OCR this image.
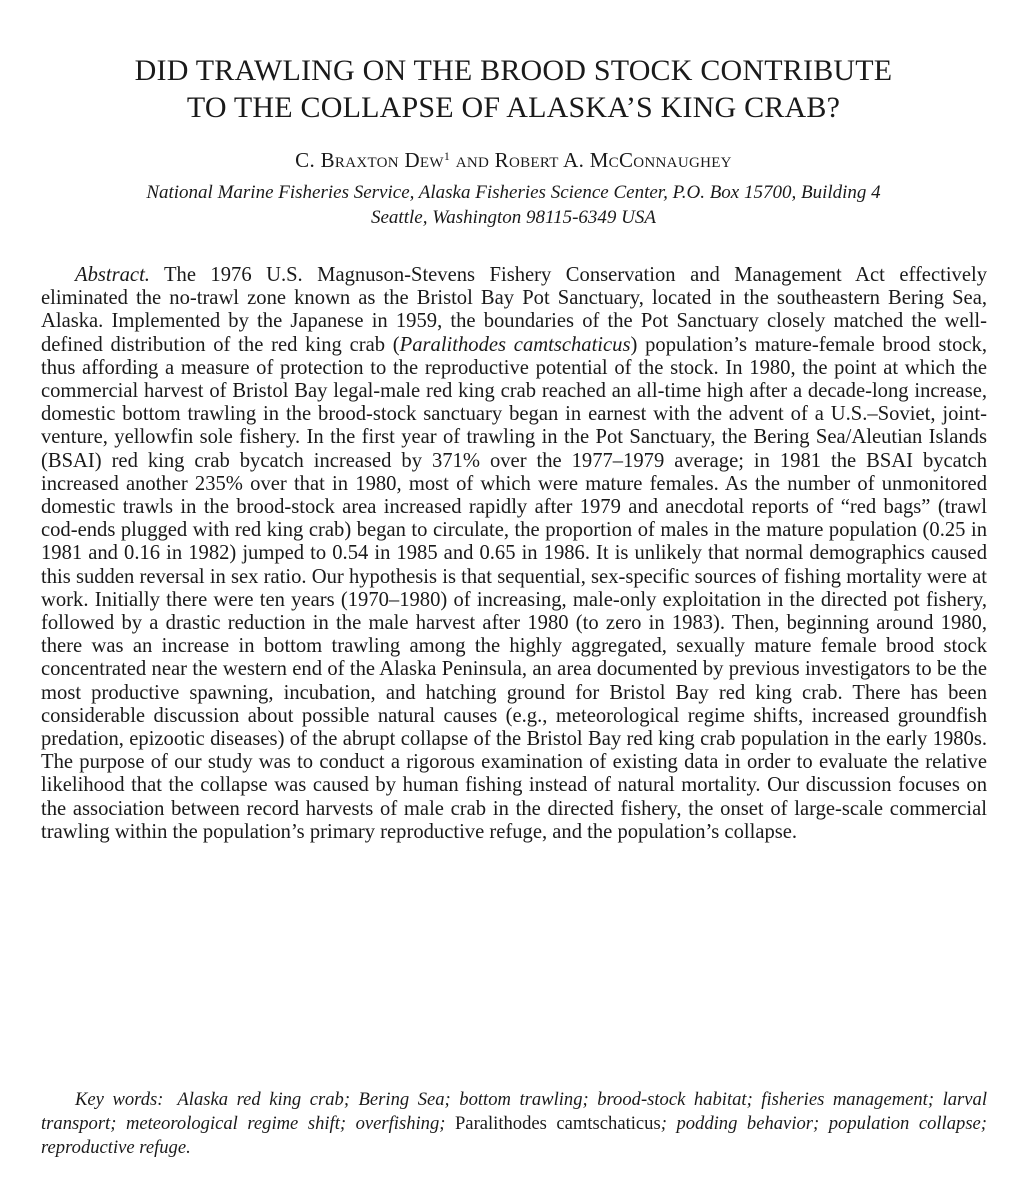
DID TRAWLING ON THE BROOD STOCK CONTRIBUTE
TO THE COLLAPSE OF ALASKA’S KING CRAB?
C. Braxton Dew$^1$ and Robert A. McConnaughey
National Marine Fisheries Service, Alaska Fisheries Science Center, P.O. Box 15700, Building 4
Seattle, Washington 98115-6349 USA

Abstract. The 1976 U.S. Magnuson-Stevens Fishery Conservation and Management Act effectively eliminated the no-trawl zone known as the Bristol Bay Pot Sanctuary, located in the southeastern Bering Sea, Alaska. Implemented by the Japanese in 1959, the boundaries of the Pot Sanctuary closely matched the well-defined distribution of the red king crab (Paralithodes camtschaticus) population’s mature-female brood stock, thus affording a measure of protection to the reproductive potential of the stock. In 1980, the point at which the commercial harvest of Bristol Bay legal-male red king crab reached an all-time high after a decade-long increase, domestic bottom trawling in the brood-stock sanctuary began in earnest with the advent of a U.S.–Soviet, joint-venture, yellowfin sole fishery. In the first year of trawling in the Pot Sanctuary, the Bering Sea/Aleutian Islands (BSAI) red king crab bycatch increased by 371% over the 1977–1979 average; in 1981 the BSAI bycatch increased another 235% over that in 1980, most of which were mature females. As the number of unmonitored domestic trawls in the brood-stock area increased rapidly after 1979 and anecdotal reports of “red bags” (trawl cod-ends plugged with red king crab) began to circulate, the proportion of males in the mature population (0.25 in 1981 and 0.16 in 1982) jumped to 0.54 in 1985 and 0.65 in 1986. It is unlikely that normal demographics caused this sudden reversal in sex ratio. Our hypothesis is that sequential, sex-specific sources of fishing mortality were at work. Initially there were ten years (1970–1980) of increasing, male-only exploitation in the directed pot fishery, followed by a drastic reduction in the male harvest after 1980 (to zero in 1983). Then, beginning around 1980, there was an increase in bottom trawling among the highly aggregated, sexually mature female brood stock concentrated near the western end of the Alaska Peninsula, an area documented by previous investigators to be the most productive spawning, incubation, and hatching ground for Bristol Bay red king crab. There has been considerable discussion about possible natural causes (e.g., meteorological regime shifts, increased groundfish predation, epizootic diseases) of the abrupt collapse of the Bristol Bay red king crab population in the early 1980s. The purpose of our study was to conduct a rigorous examination of existing data in order to evaluate the relative likelihood that the collapse was caused by human fishing instead of natural mortality. Our discussion focuses on the association between record harvests of male crab in the directed fishery, the onset of large-scale commercial trawling within the population’s primary reproductive refuge, and the population’s collapse.

Key words: Alaska red king crab; Bering Sea; bottom trawling; brood-stock habitat; fisheries management; larval transport; meteorological regime shift; overfishing; Paralithodes camtschaticus; podding behavior; population collapse; reproductive refuge.
